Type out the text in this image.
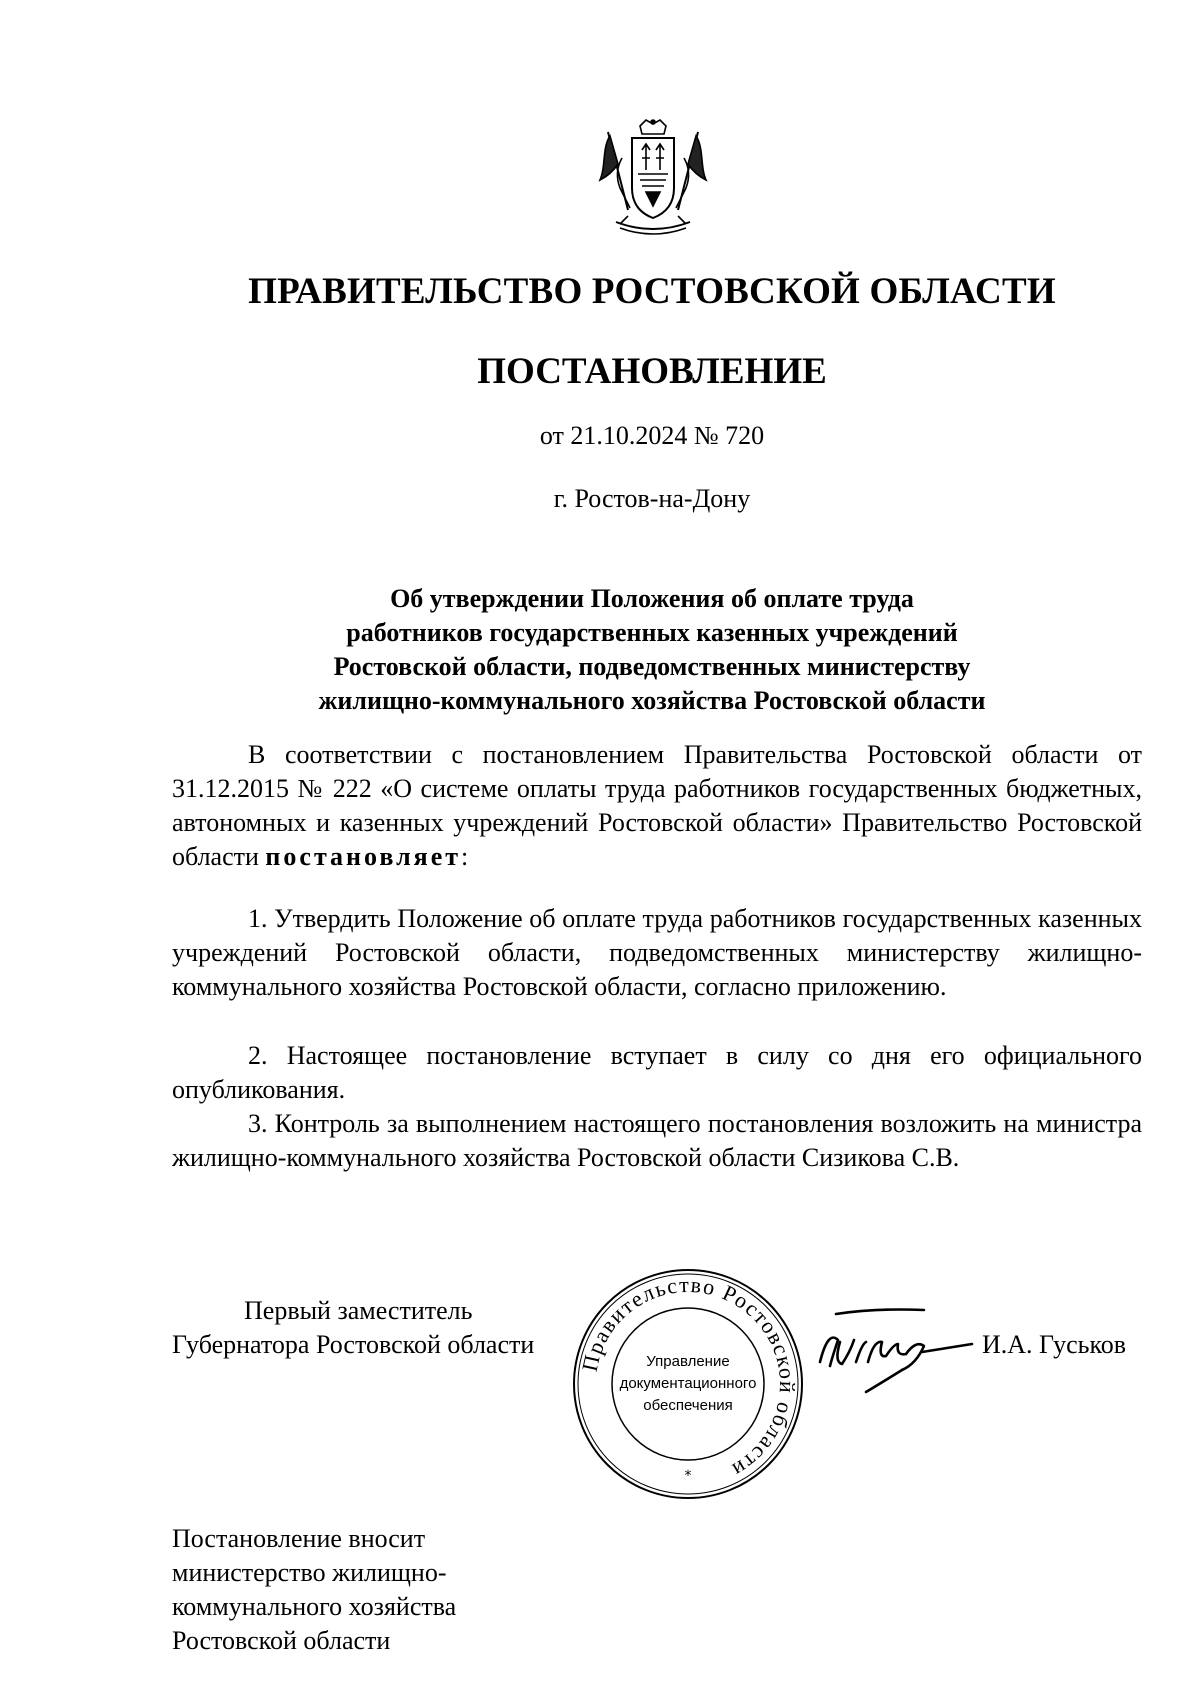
ПРАВИТЕЛЬСТВО РОСТОВСКОЙ ОБЛАСТИ
ПОСТАНОВЛЕНИЕ
от 21.10.2024 № 720
г. Ростов-на-Дону
Об утверждении Положения об оплате труда
работников государственных казенных учреждений
Ростовской области, подведомственных министерству
жилищно-коммунального хозяйства Ростовской области
В соответствии с постановлением Правительства Ростовской области от 31.12.2015 № 222 «О системе оплаты труда работников государственных бюджетных, автономных и казенных учреждений Ростовской области» Правительство Ростовской области постановляет:
1. Утвердить Положение об оплате труда работников государственных казенных учреждений Ростовской области, подведомственных министерству жилищно-коммунального хозяйства Ростовской области, согласно приложению.
2. Настоящее постановление вступает в силу со дня его официального опубликования.
3. Контроль за выполнением настоящего постановления возложить на министра жилищно-коммунального хозяйства Ростовской области Сизикова С.В.
Первый заместитель
Губернатора Ростовской области
Правительство Ростовской области
Управление
документационного
обеспечения
*
И.А. Гуськов
Постановление вносит
министерство жилищно-
коммунального хозяйства
Ростовской области
